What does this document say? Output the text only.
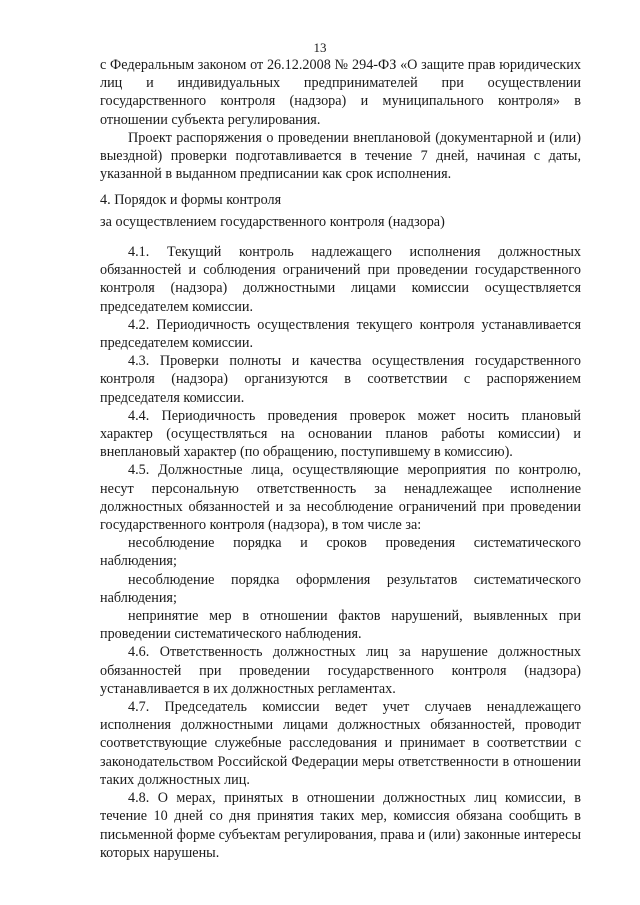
13

с Федеральным законом от 26.12.2008 № 294-ФЗ «О защите прав юридических лиц и индивидуальных предпринимателей при осуществлении государственного контроля (надзора) и муниципального контроля» в отношении субъекта регулирования.

Проект распоряжения о проведении внеплановой (документарной и (или) выездной) проверки подготавливается в течение 7 дней, начиная с даты, указанной в выданном предписании как срок исполнения.

4. Порядок и формы контроля

за осуществлением государственного контроля (надзора)

4.1. Текущий контроль надлежащего исполнения должностных обязанностей и соблюдения ограничений при проведении государственного контроля (надзора) должностными лицами комиссии осуществляется председателем комиссии.

4.2. Периодичность осуществления текущего контроля устанавливается председателем комиссии.

4.3. Проверки полноты и качества осуществления государственного контроля (надзора) организуются в соответствии с распоряжением председателя комиссии.

4.4. Периодичность проведения проверок может носить плановый характер (осуществляться на основании планов работы комиссии) и внеплановый характер (по обращению, поступившему в комиссию).

4.5. Должностные лица, осуществляющие мероприятия по контролю, несут персональную ответственность за ненадлежащее исполнение должностных обязанностей и за несоблюдение ограничений при проведении государственного контроля (надзора), в том числе за:

несоблюдение порядка и сроков проведения систематического наблюдения;

несоблюдение порядка оформления результатов систематического наблюдения;

непринятие мер в отношении фактов нарушений, выявленных при проведении систематического наблюдения.

4.6. Ответственность должностных лиц за нарушение должностных обязанностей при проведении государственного контроля (надзора) устанавливается в их должностных регламентах.

4.7. Председатель комиссии ведет учет случаев ненадлежащего исполнения должностными лицами должностных обязанностей, проводит соответствующие служебные расследования и принимает в соответствии с законодательством Российской Федерации меры ответственности в отношении таких должностных лиц.

4.8. О мерах, принятых в отношении должностных лиц комиссии, в течение 10 дней со дня принятия таких мер, комиссия обязана сообщить в письменной форме субъектам регулирования, права и (или) законные интересы которых нарушены.
